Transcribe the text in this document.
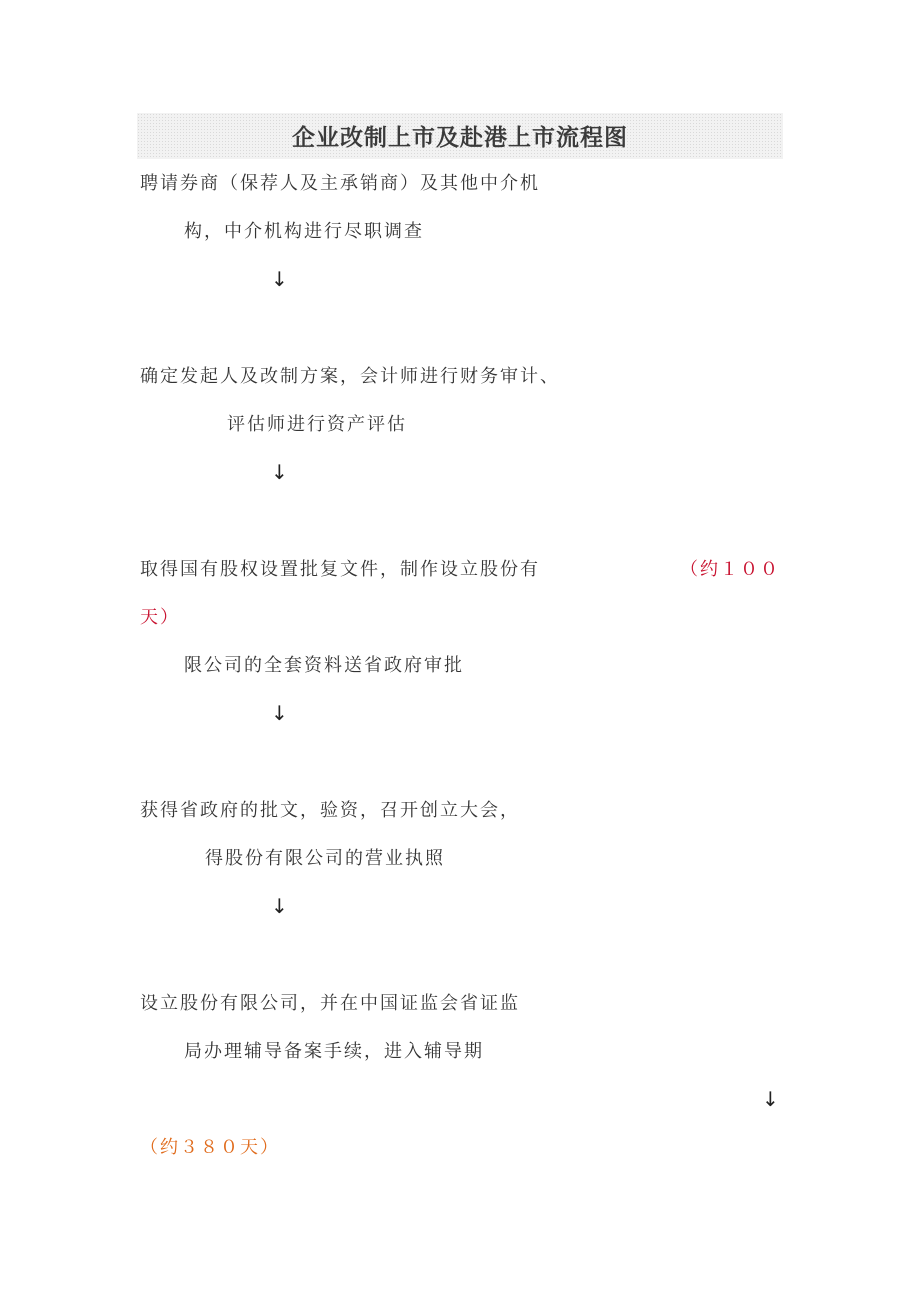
企业改制上市及赴港上市流程图
聘请券商（保荐人及主承销商）及其他中介机
构，中介机构进行尽职调查
↓
确定发起人及改制方案，会计师进行财务审计、
评估师进行资产评估
↓
取得国有股权设置批复文件，制作设立股份有	（约１００
天）
限公司的全套资料送省政府审批
↓
获得省政府的批文，验资，召开创立大会，
得股份有限公司的营业执照
↓
设立股份有限公司，并在中国证监会省证监
局办理辅导备案手续，进入辅导期
↓
（约３８０天）
